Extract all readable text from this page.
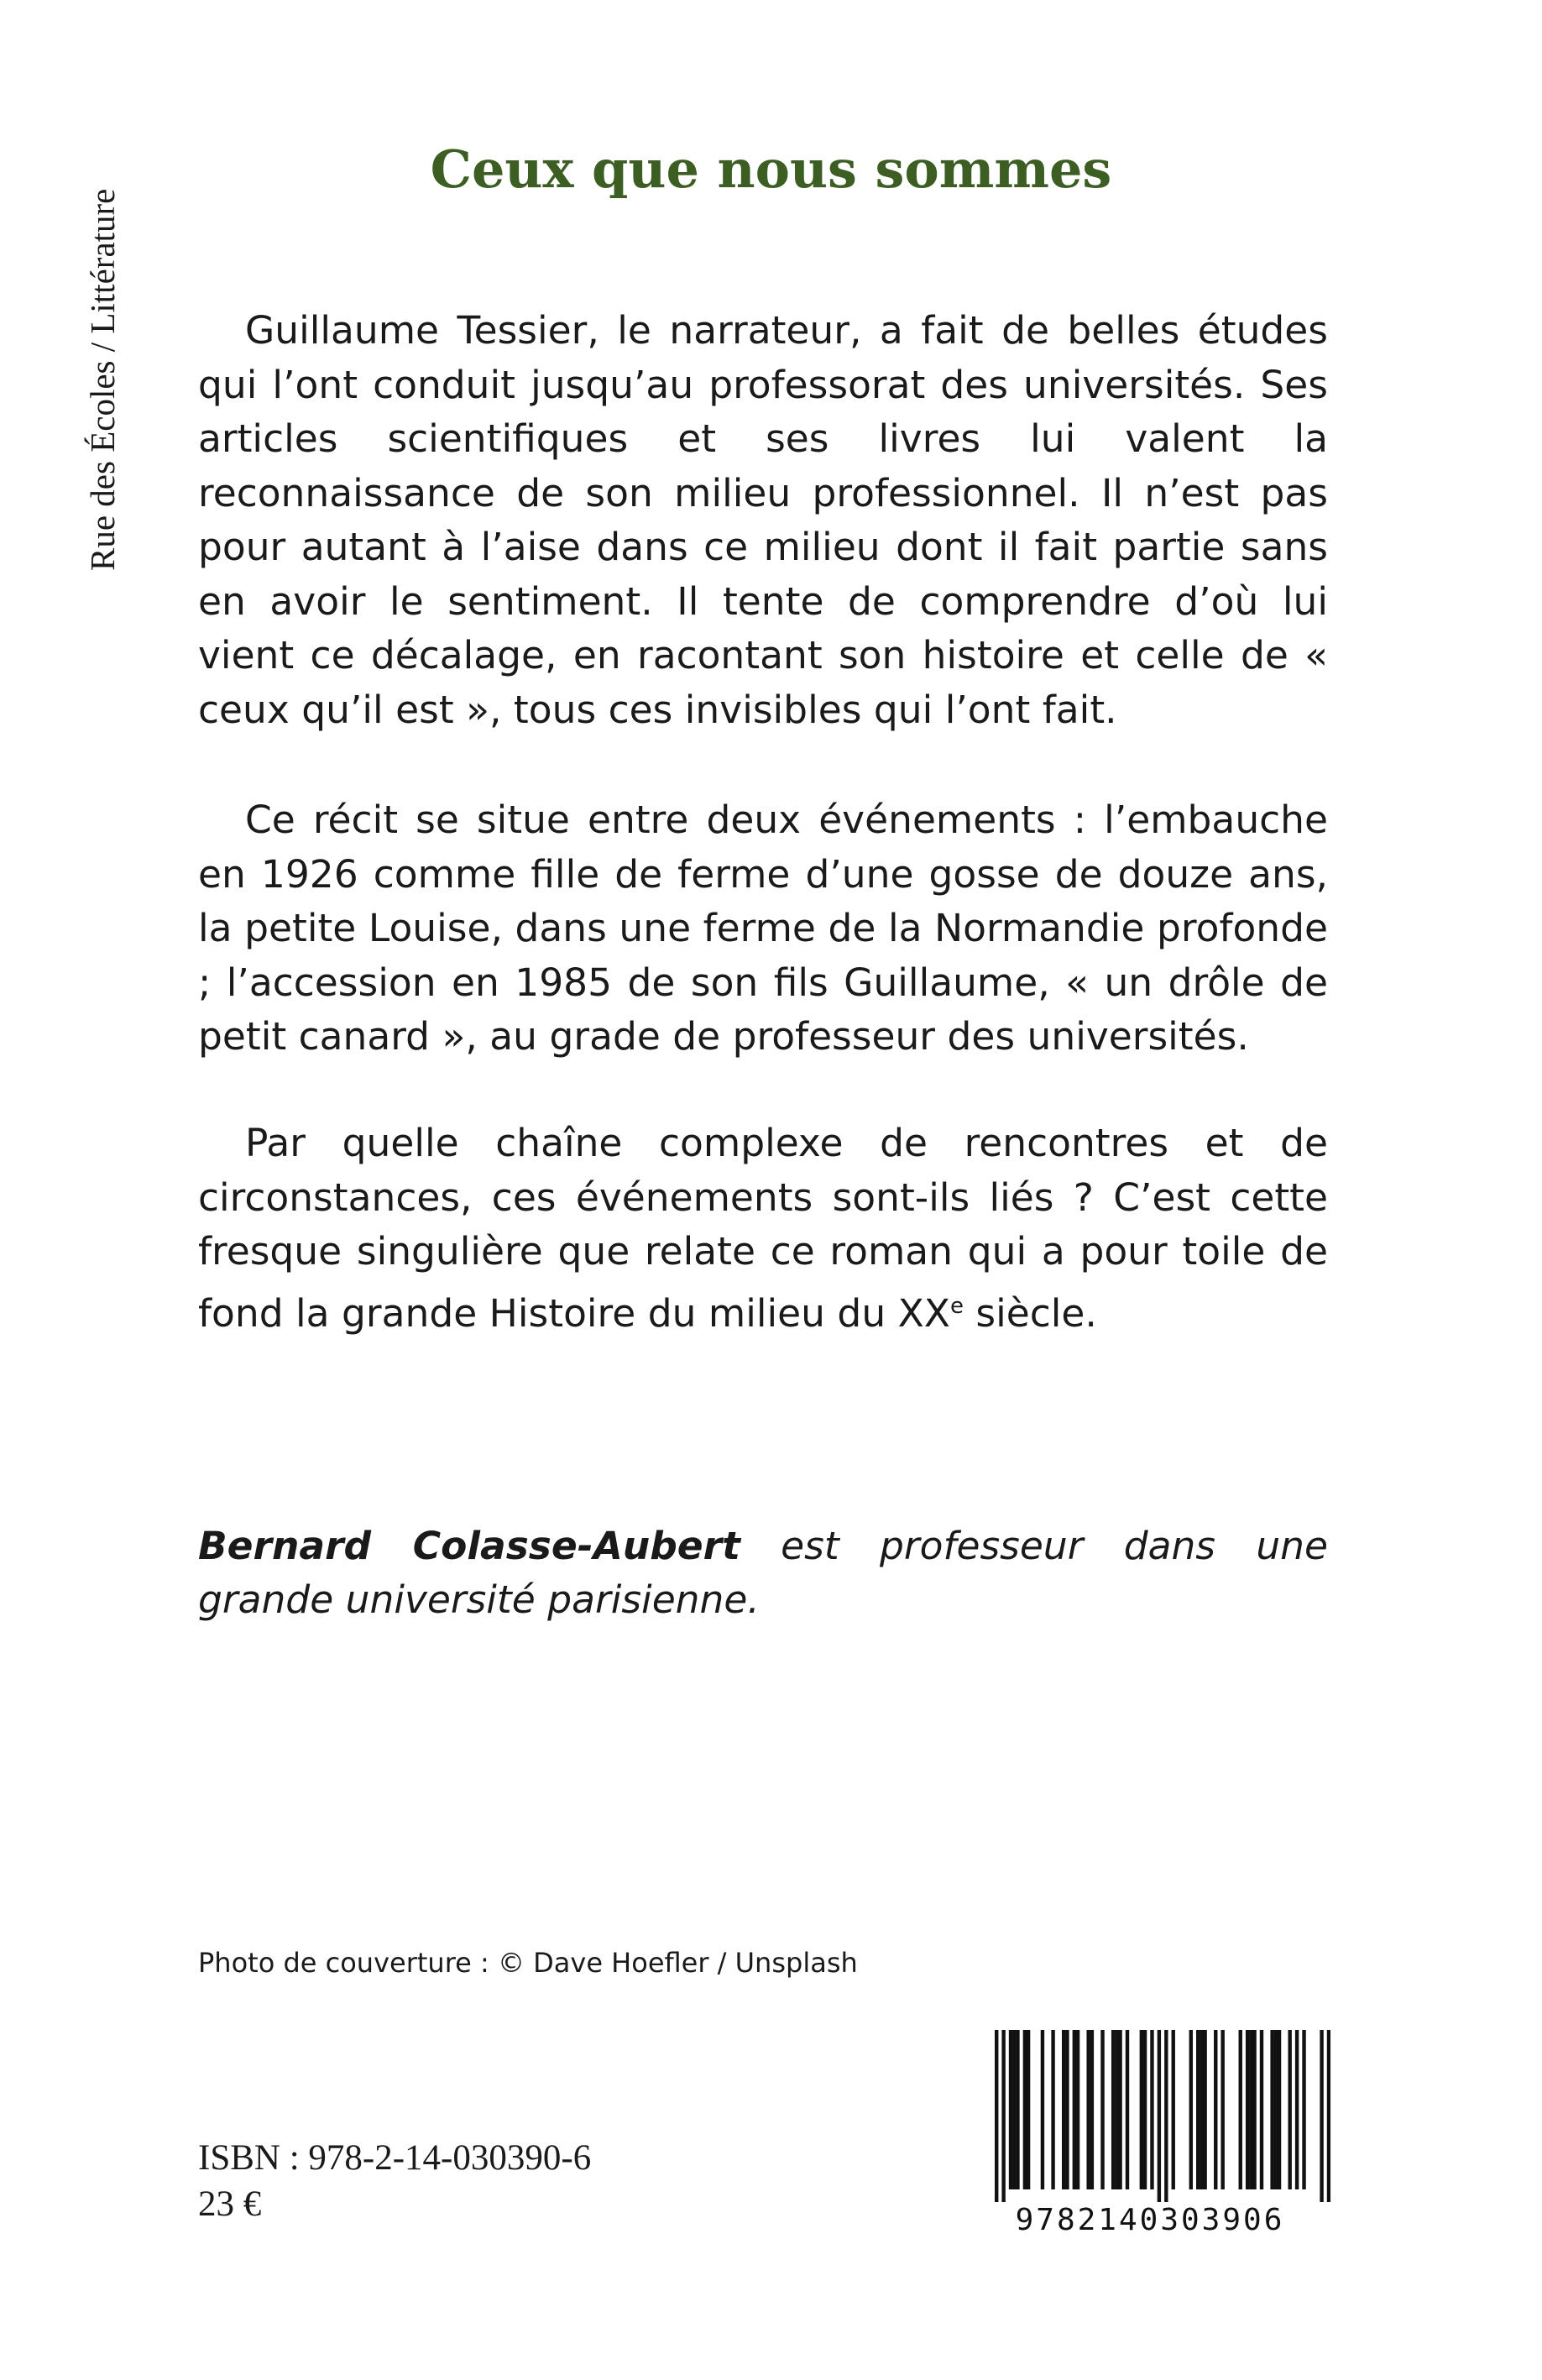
Rue des Écoles / Littérature
Ceux que nous sommes

Guillaume Tessier, le narrateur, a fait de belles études qui l’ont conduit jusqu’au professorat des universités. Ses articles scientifiques et ses livres lui valent la reconnaissance de son milieu professionnel. Il n’est pas pour autant à l’aise dans ce milieu dont il fait partie sans en avoir le sentiment. Il tente de comprendre d’où lui vient ce décalage, en racontant son histoire et celle de « ceux qu’il est », tous ces invisibles qui l’ont fait.

Ce récit se situe entre deux événements : l’embauche en 1926 comme fille de ferme d’une gosse de douze ans, la petite Louise, dans une ferme de la Normandie profonde ; l’accession en 1985 de son fils Guillaume, « un drôle de petit canard », au grade de professeur des universités.

Par quelle chaîne complexe de rencontres et de circonstances, ces événements sont-ils liés ? C’est cette fresque singulière que relate ce roman qui a pour toile de fond la grande Histoire du milieu du XXe siècle.

Bernard Colasse-Aubert est professeur dans une grande université parisienne.
Photo de couverture : © Dave Hoefler / Unsplash
ISBN : 978-2-14-030390-6
23 €	9782140303906
